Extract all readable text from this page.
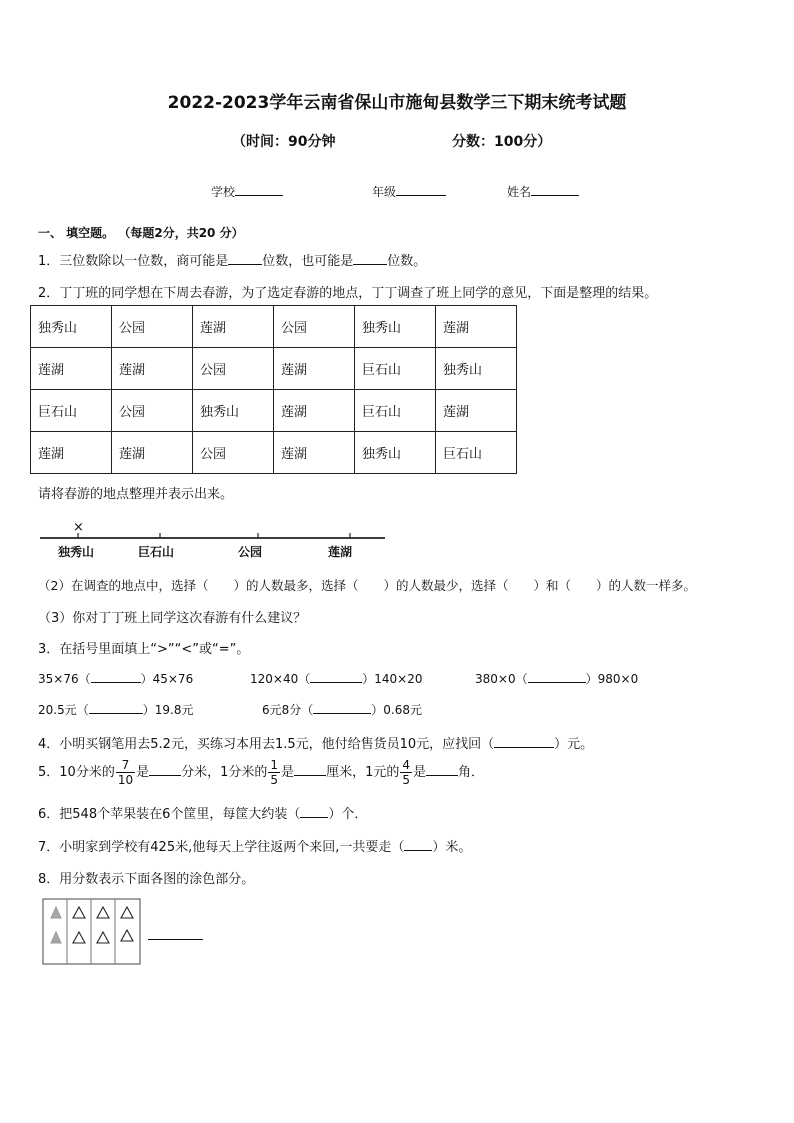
2022-2023学年云南省保山市施甸县数学三下期末统考试题
（时间：90分钟	分数：100分）
学校	年级	姓名
一、 填空题。 （每题2分，共20 分）
1．三位数除以一位数，商可能是	位数，也可能是	位数。
2．丁丁班的同学想在下周去春游，为了选定春游的地点，丁丁调查了班上同学的意见，下面是整理的结果。
独秀山	公园	莲湖	公园	独秀山	莲湖
莲湖	莲湖	公园	莲湖	巨石山	独秀山
巨石山	公园	独秀山	莲湖	巨石山	莲湖
莲湖	莲湖	公园	莲湖	独秀山	巨石山
请将春游的地点整理并表示出来。
×
独秀山	巨石山	公园	莲湖
（2）在调查的地点中，选择（　　）的人数最多，选择（　　）的人数最少，选择（　　）和（　　）的人数一样多。
（3）你对丁丁班上同学这次春游有什么建议？
3．在括号里面填上“>”“<”或“=”。
35×76（	）45×76	120×40（	）140×20	380×0（	）980×0
20.5元（	）19.8元	6元8分（	）0.68元
4．小明买钢笔用去5.2元，买练习本用去1.5元，他付给售货员10元，应找回（	）元。
5．10分米的 $\frac{7}{10}$ 是 分米，1分米的 $\frac{1}{5}$ 是 厘米，1元的 $\frac{4}{5}$ 是 角．
6．把548个苹果装在6个筐里，每筐大约装（ ）个．
7．小明家到学校有425米,他每天上学往返两个来回,一共要走（ ）米。
8．用分数表示下面各图的涂色部分。
